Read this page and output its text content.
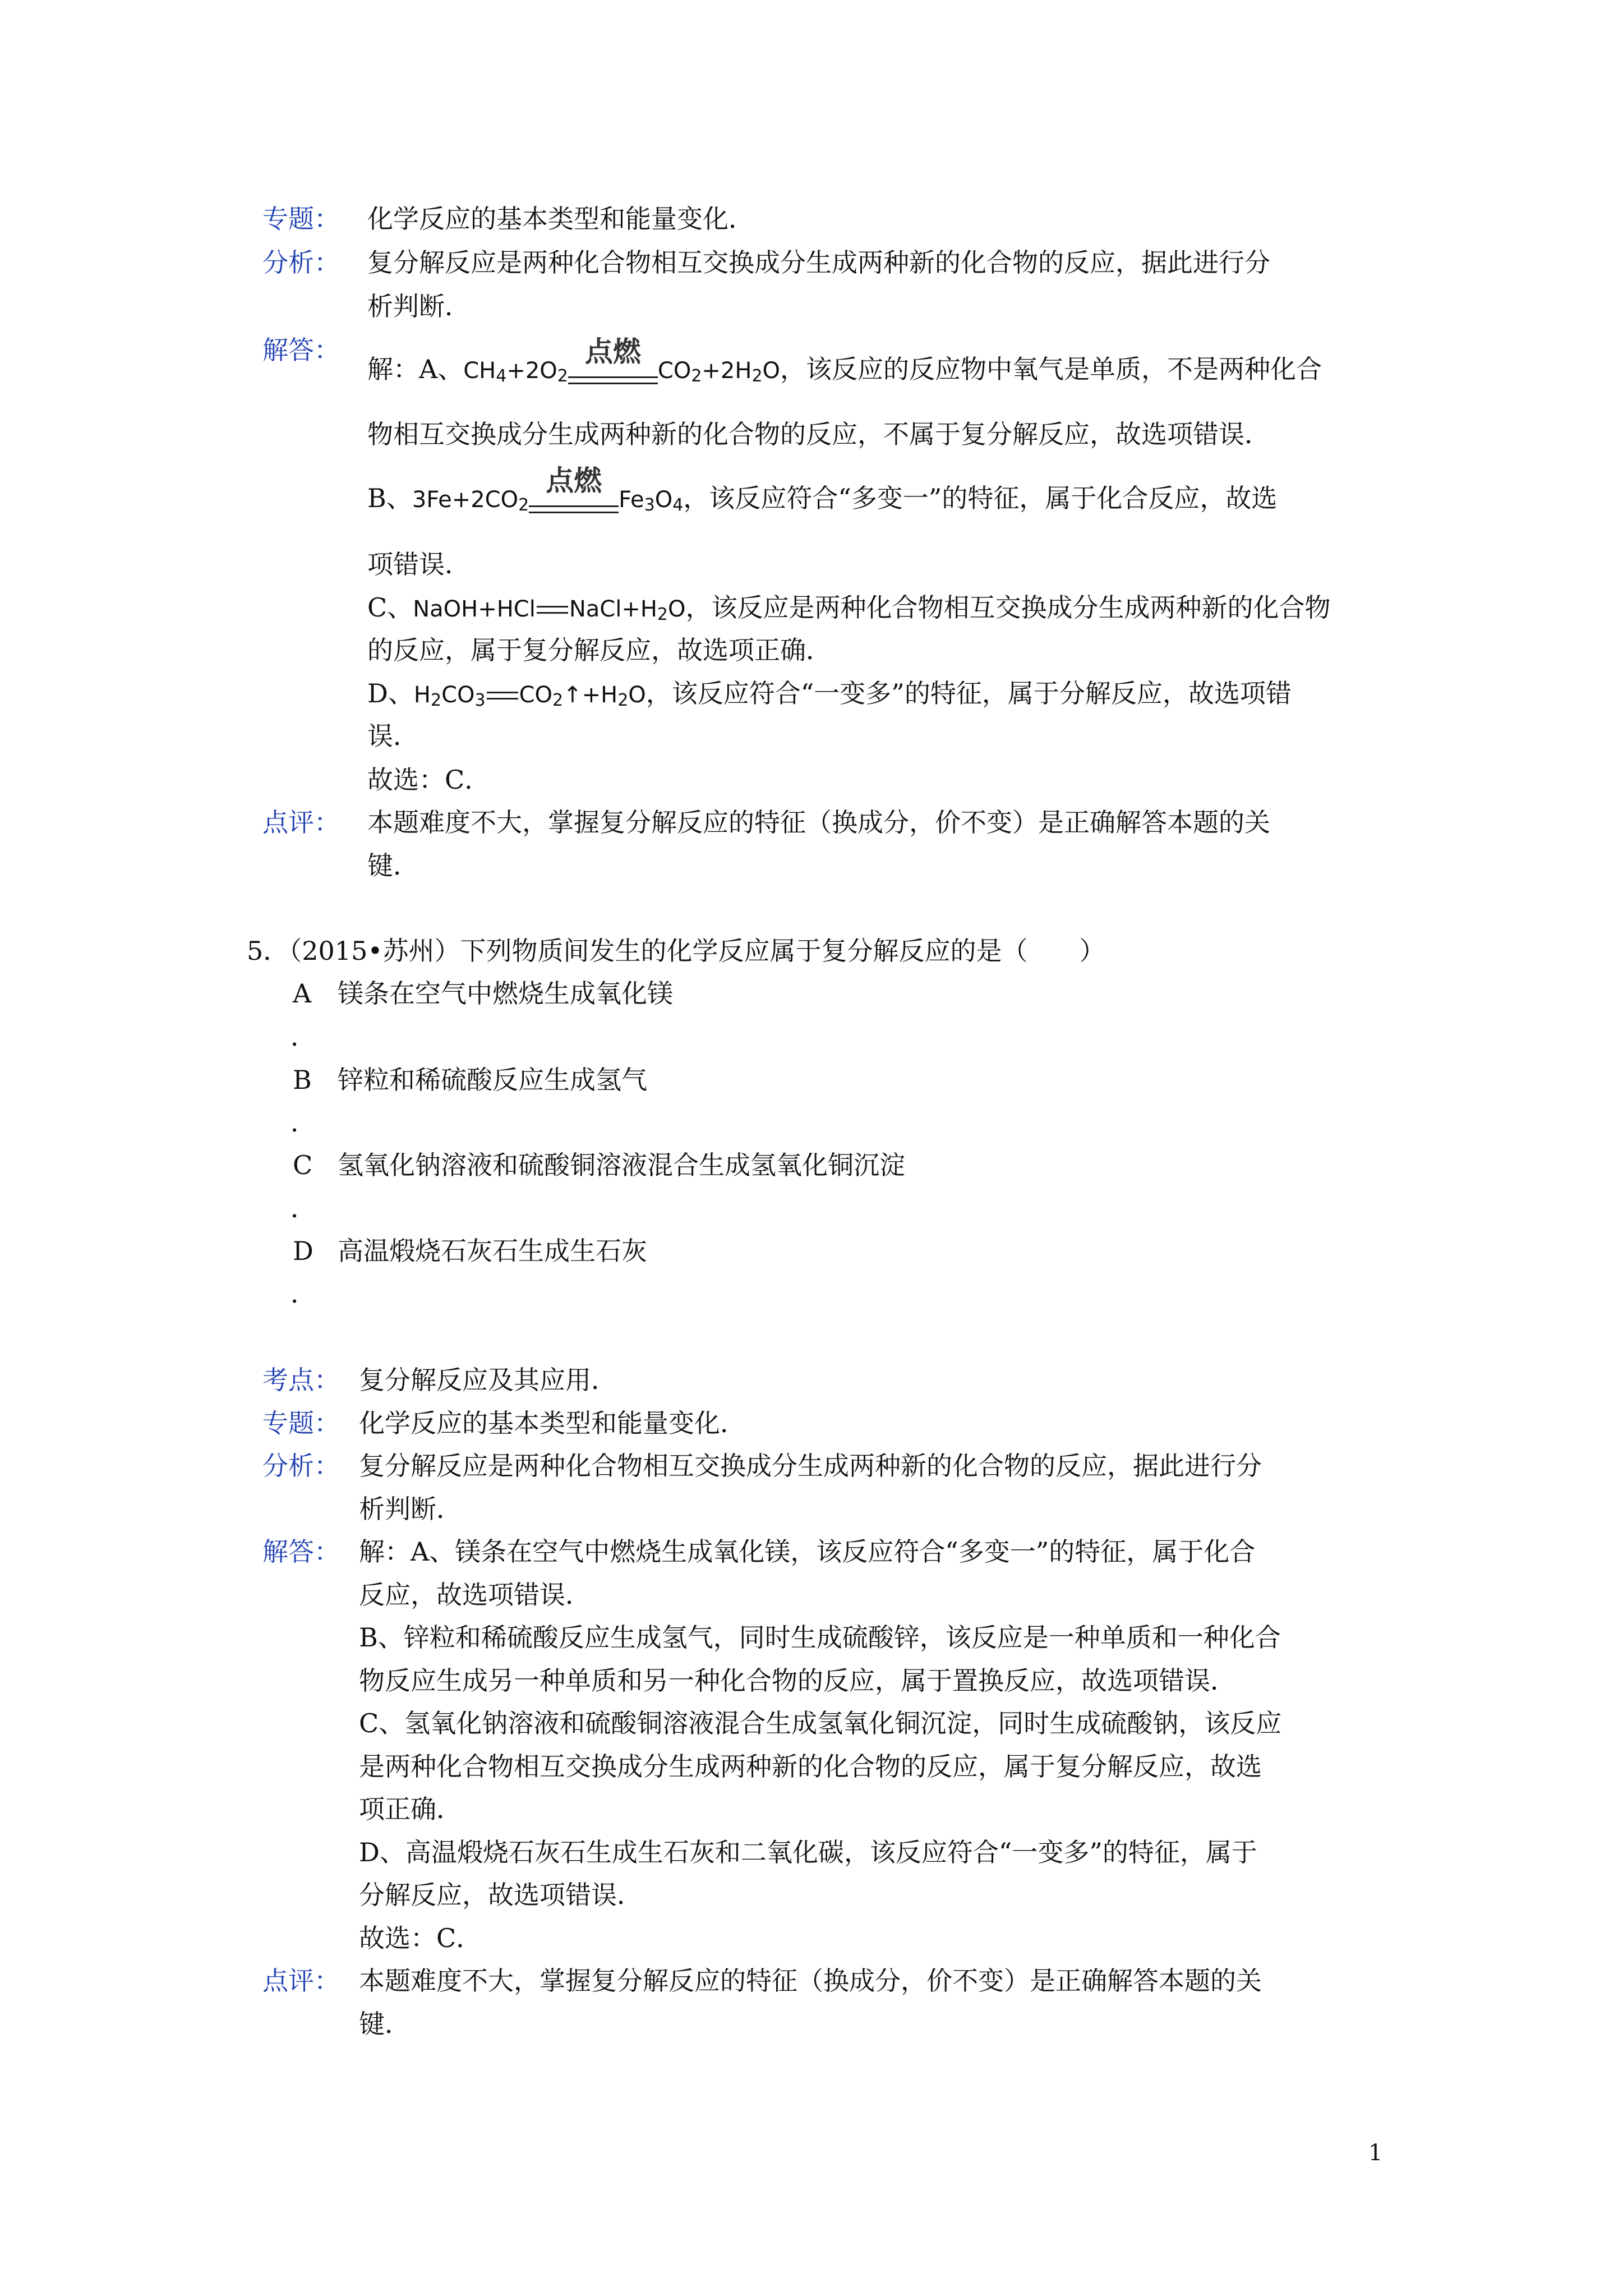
专题： 化学反应的基本类型和能量变化．
分析： 复分解反应是两种化合物相互交换成分生成两种新的化合物的反应，据此进行分
析判断．
解答：
解：A、$CH_4+2O_2$
点燃
$CO_2+2H_2O$，该反应的反应物中氧气是单质，不是两种化合
物相互交换成分生成两种新的化合物的反应，不属于复分解反应，故选项错误．
B、$3Fe+2CO_2$
点燃
$Fe_3O_4$，该反应符合“多变一”的特征，属于化合反应，故选
项错误．
C、NaOH+HCl $NaCl+H_2O$，该反应是两种化合物相互交换成分生成两种新的化合物
的反应，属于复分解反应，故选项正确．
D、$H_2CO_3$ $CO_2↑+H_2O$，该反应符合“一变多”的特征，属于分解反应，故选项错
误．
故选：C．
点评： 本题难度不大，掌握复分解反应的特征（换成分，价不变）是正确解答本题的关
键．
5．（2015•苏州）下列物质间发生的化学反应属于复分解反应的是（　　）
A 镁条在空气中燃烧生成氧化镁
．
B 锌粒和稀硫酸反应生成氢气
．
C 氢氧化钠溶液和硫酸铜溶液混合生成氢氧化铜沉淀
．
D 高温煅烧石灰石生成生石灰
．
考点： 复分解反应及其应用．
专题： 化学反应的基本类型和能量变化．
分析： 复分解反应是两种化合物相互交换成分生成两种新的化合物的反应，据此进行分
析判断．
解答： 解：A、镁条在空气中燃烧生成氧化镁，该反应符合“多变一”的特征，属于化合
反应，故选项错误．
B、锌粒和稀硫酸反应生成氢气，同时生成硫酸锌，该反应是一种单质和一种化合
物反应生成另一种单质和另一种化合物的反应，属于置换反应，故选项错误．
C、氢氧化钠溶液和硫酸铜溶液混合生成氢氧化铜沉淀，同时生成硫酸钠，该反应
是两种化合物相互交换成分生成两种新的化合物的反应，属于复分解反应，故选
项正确．
D、高温煅烧石灰石生成生石灰和二氧化碳，该反应符合“一变多”的特征，属于
分解反应，故选项错误．
故选：C．
点评： 本题难度不大，掌握复分解反应的特征（换成分，价不变）是正确解答本题的关
键．
1
